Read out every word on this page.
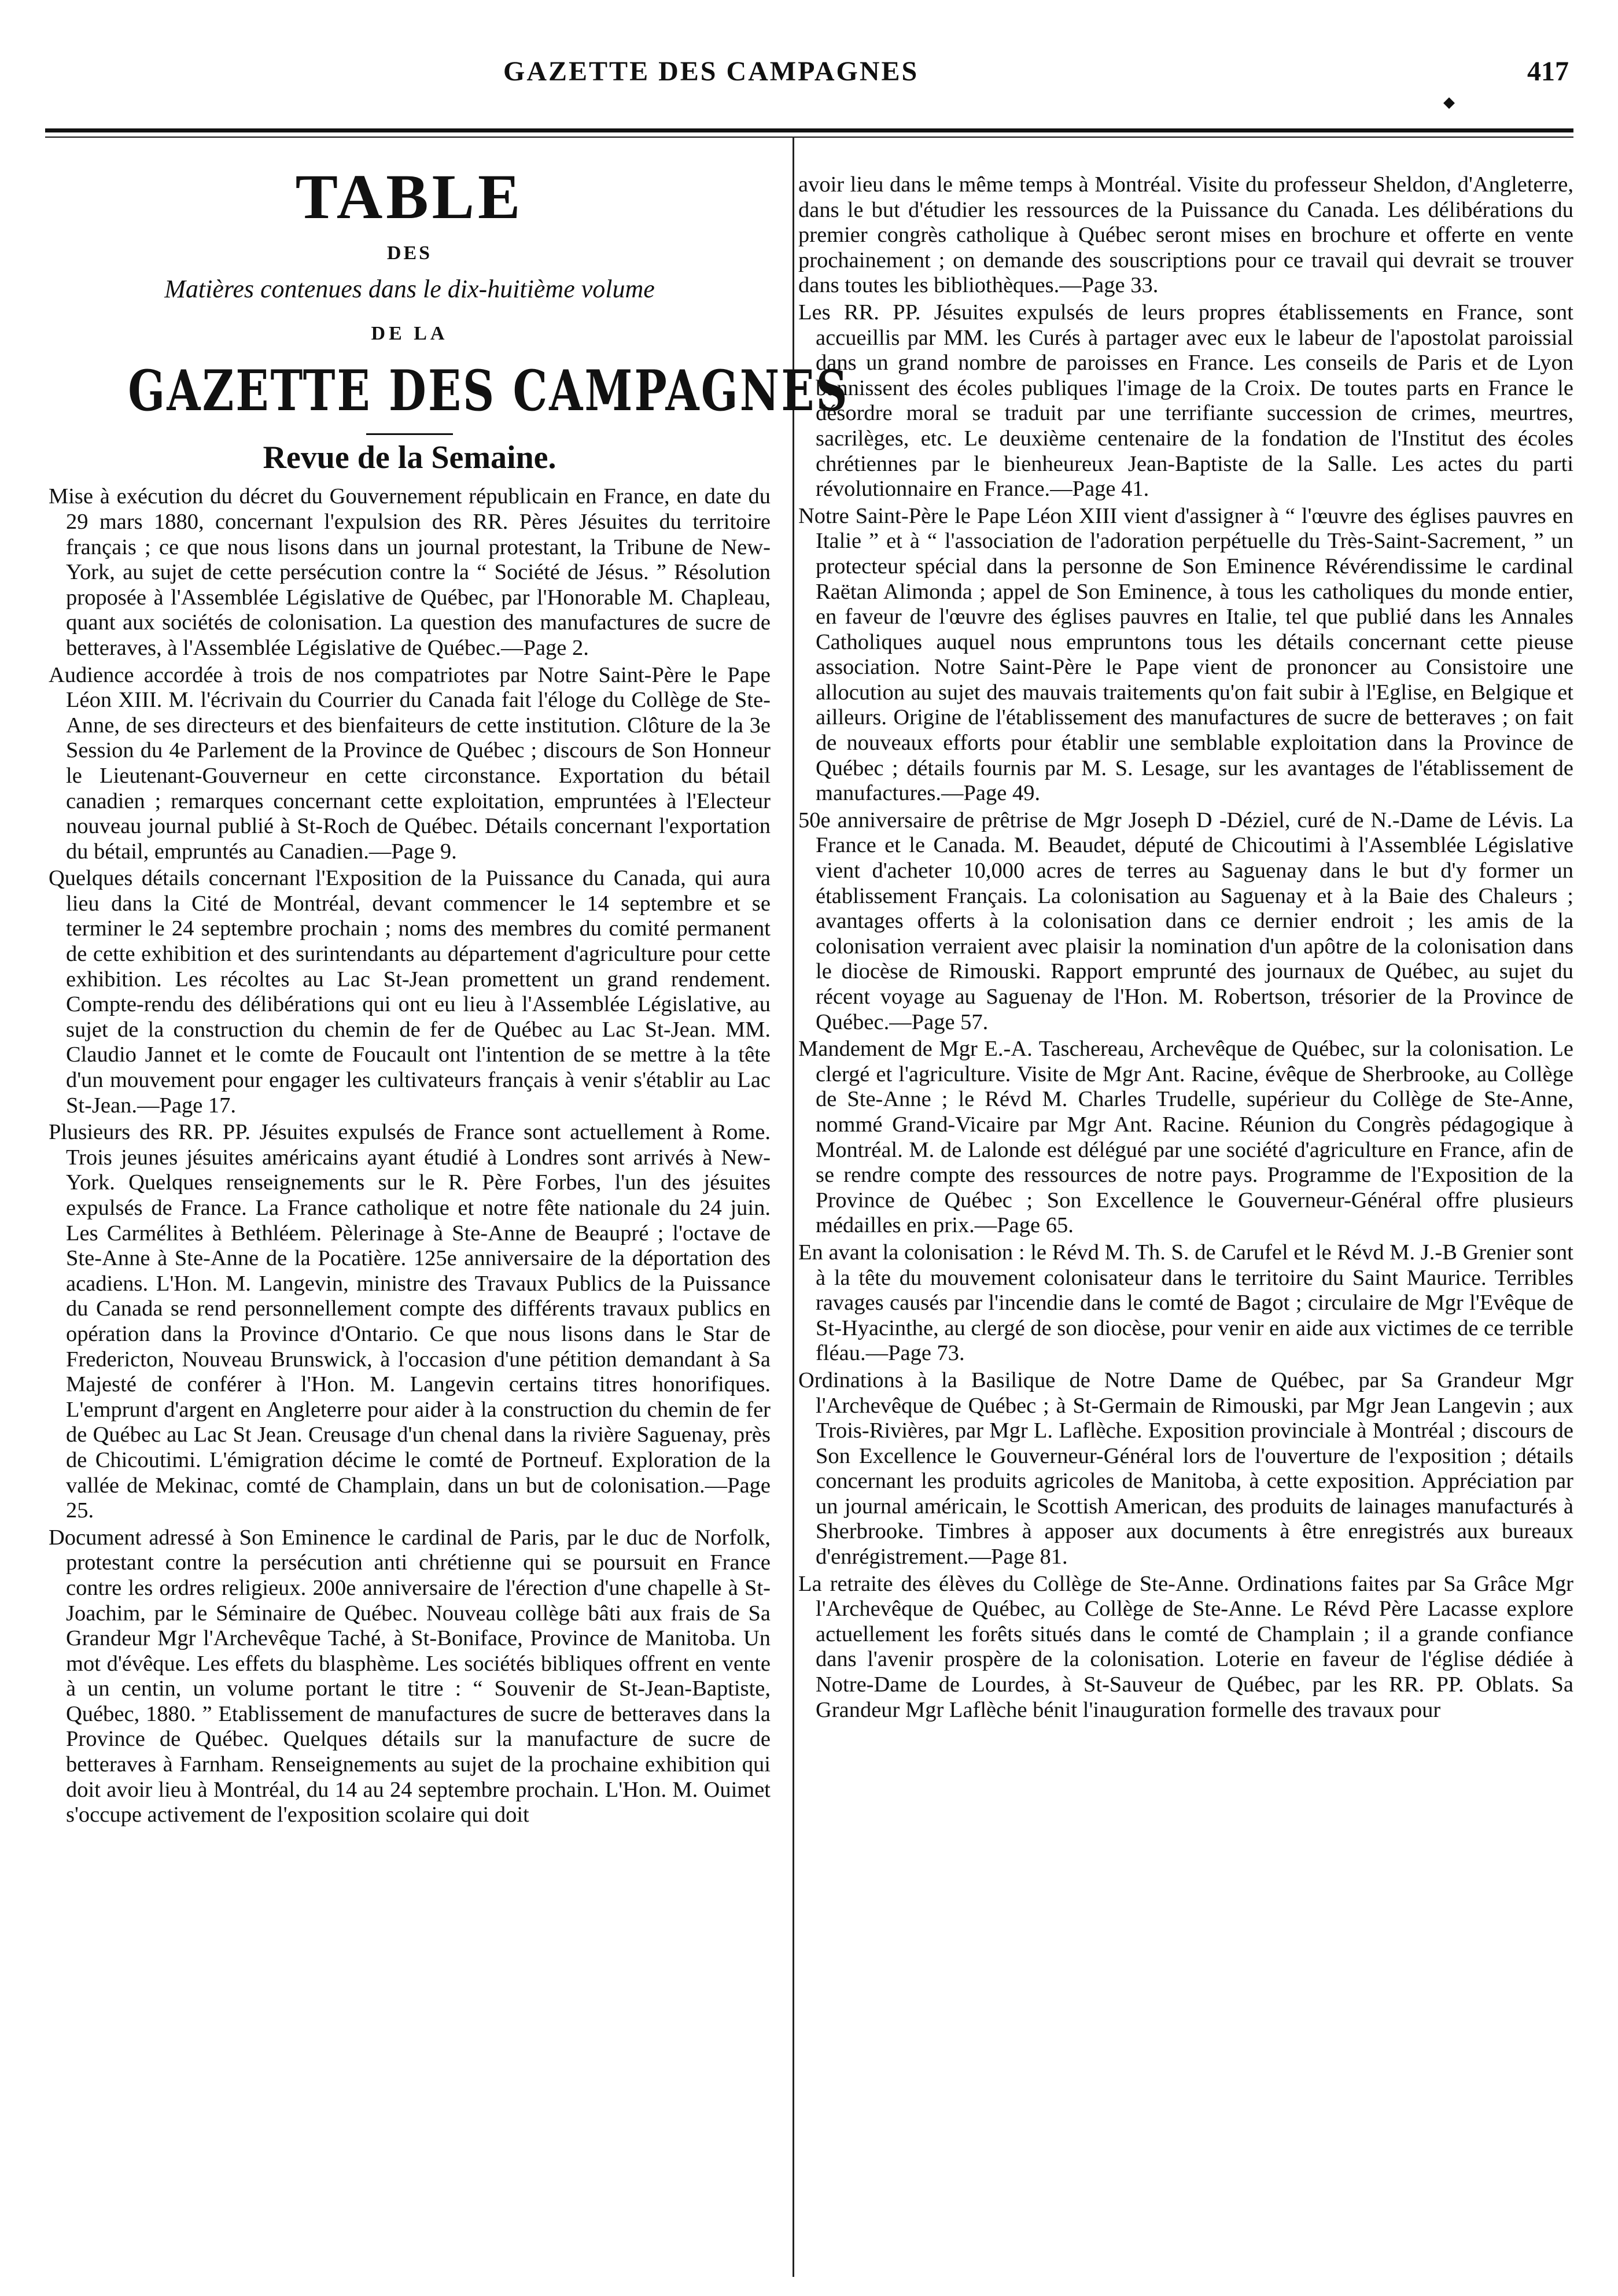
GAZETTE DES CAMPAGNES	417
◆
TABLE
DES
Matières contenues dans le dix-huitième volume
DE LA
GAZETTE DES CAMPAGNES
Revue de la Semaine.

Mise à exécution du décret du Gouvernement républicain en France, en date du 29 mars 1880, concernant l'expulsion des RR. Pères Jésuites du territoire français ; ce que nous lisons dans un journal protestant, la Tribune de New-York, au sujet de cette persécution contre la “ Société de Jésus. ” Résolution proposée à l'Assemblée Législative de Québec, par l'Honorable M. Chapleau, quant aux sociétés de colonisation. La question des manufactures de sucre de betteraves, à l'Assemblée Législative de Québec.—Page 2.

Audience accordée à trois de nos compatriotes par Notre Saint-Père le Pape Léon XIII. M. l'écrivain du Courrier du Canada fait l'éloge du Collège de Ste-Anne, de ses directeurs et des bienfaiteurs de cette institution. Clôture de la 3e Session du 4e Parlement de la Province de Québec ; discours de Son Honneur le Lieutenant-Gouverneur en cette circonstance. Exportation du bétail canadien ; remarques concernant cette exploitation, empruntées à l'Electeur nouveau journal publié à St-Roch de Québec. Détails concernant l'exportation du bétail, empruntés au Canadien.—Page 9.

Quelques détails concernant l'Exposition de la Puissance du Canada, qui aura lieu dans la Cité de Montréal, devant commencer le 14 septembre et se terminer le 24 septembre prochain ; noms des membres du comité permanent de cette exhibition et des surintendants au département d'agriculture pour cette exhibition. Les récoltes au Lac St-Jean promettent un grand rendement. Compte-rendu des délibérations qui ont eu lieu à l'Assemblée Législative, au sujet de la construction du chemin de fer de Québec au Lac St-Jean. MM. Claudio Jannet et le comte de Foucault ont l'intention de se mettre à la tête d'un mouvement pour engager les cultivateurs français à venir s'établir au Lac St-Jean.—Page 17.

Plusieurs des RR. PP. Jésuites expulsés de France sont actuellement à Rome. Trois jeunes jésuites américains ayant étudié à Londres sont arrivés à New-York. Quelques renseignements sur le R. Père Forbes, l'un des jésuites expulsés de France. La France catholique et notre fête nationale du 24 juin. Les Carmélites à Bethléem. Pèlerinage à Ste-Anne de Beaupré ; l'octave de Ste-Anne à Ste-Anne de la Pocatière. 125e anniversaire de la déportation des acadiens. L'Hon. M. Langevin, ministre des Travaux Publics de la Puissance du Canada se rend personnellement compte des différents travaux publics en opération dans la Province d'Ontario. Ce que nous lisons dans le Star de Fredericton, Nouveau Brunswick, à l'occasion d'une pétition demandant à Sa Majesté de conférer à l'Hon. M. Langevin certains titres honorifiques. L'emprunt d'argent en Angleterre pour aider à la construction du chemin de fer de Québec au Lac St Jean. Creusage d'un chenal dans la rivière Saguenay, près de Chicoutimi. L'émigration décime le comté de Portneuf. Exploration de la vallée de Mekinac, comté de Champlain, dans un but de colonisation.—Page 25.

Document adressé à Son Eminence le cardinal de Paris, par le duc de Norfolk, protestant contre la persécution anti chrétienne qui se poursuit en France contre les ordres religieux. 200e anniversaire de l'érection d'une chapelle à St-Joachim, par le Séminaire de Québec. Nouveau collège bâti aux frais de Sa Grandeur Mgr l'Archevêque Taché, à St-Boniface, Province de Manitoba. Un mot d'évêque. Les effets du blasphème. Les sociétés bibliques offrent en vente à un centin, un volume portant le titre : “ Souvenir de St-Jean-Baptiste, Québec, 1880. ” Etablissement de manufactures de sucre de betteraves dans la Province de Québec. Quelques détails sur la manufacture de sucre de betteraves à Farnham. Renseignements au sujet de la prochaine exhibition qui doit avoir lieu à Montréal, du 14 au 24 septembre prochain. L'Hon. M. Ouimet s'occupe activement de l'exposition scolaire qui doit

avoir lieu dans le même temps à Montréal. Visite du professeur Sheldon, d'Angleterre, dans le but d'étudier les ressources de la Puissance du Canada. Les délibérations du premier congrès catholique à Québec seront mises en brochure et offerte en vente prochainement ; on demande des souscriptions pour ce travail qui devrait se trouver dans toutes les bibliothèques.—Page 33.

Les RR. PP. Jésuites expulsés de leurs propres établissements en France, sont accueillis par MM. les Curés à partager avec eux le labeur de l'apostolat paroissial dans un grand nombre de paroisses en France. Les conseils de Paris et de Lyon bannissent des écoles publiques l'image de la Croix. De toutes parts en France le désordre moral se traduit par une terrifiante succession de crimes, meurtres, sacrilèges, etc. Le deuxième centenaire de la fondation de l'Institut des écoles chrétiennes par le bienheureux Jean-Baptiste de la Salle. Les actes du parti révolutionnaire en France.—Page 41.

Notre Saint-Père le Pape Léon XIII vient d'assigner à “ l'œuvre des églises pauvres en Italie ” et à “ l'association de l'adoration perpétuelle du Très-Saint-Sacrement, ” un protecteur spécial dans la personne de Son Eminence Révérendissime le cardinal Raëtan Alimonda ; appel de Son Eminence, à tous les catholiques du monde entier, en faveur de l'œuvre des églises pauvres en Italie, tel que publié dans les Annales Catholiques auquel nous empruntons tous les détails concernant cette pieuse association. Notre Saint-Père le Pape vient de prononcer au Consistoire une allocution au sujet des mauvais traitements qu'on fait subir à l'Eglise, en Belgique et ailleurs. Origine de l'établissement des manufactures de sucre de betteraves ; on fait de nouveaux efforts pour établir une semblable exploitation dans la Province de Québec ; détails fournis par M. S. Lesage, sur les avantages de l'établissement de manufactures.—Page 49.

50e anniversaire de prêtrise de Mgr Joseph D -Déziel, curé de N.-Dame de Lévis. La France et le Canada. M. Beaudet, député de Chicoutimi à l'Assemblée Législative vient d'acheter 10,000 acres de terres au Saguenay dans le but d'y former un établissement Français. La colonisation au Saguenay et à la Baie des Chaleurs ; avantages offerts à la colonisation dans ce dernier endroit ; les amis de la colonisation verraient avec plaisir la nomination d'un apôtre de la colonisation dans le diocèse de Rimouski. Rapport emprunté des journaux de Québec, au sujet du récent voyage au Saguenay de l'Hon. M. Robertson, trésorier de la Province de Québec.—Page 57.

Mandement de Mgr E.-A. Taschereau, Archevêque de Québec, sur la colonisation. Le clergé et l'agriculture. Visite de Mgr Ant. Racine, évêque de Sherbrooke, au Collège de Ste-Anne ; le Révd M. Charles Trudelle, supérieur du Collège de Ste-Anne, nommé Grand-Vicaire par Mgr Ant. Racine. Réunion du Congrès pédagogique à Montréal. M. de Lalonde est délégué par une société d'agriculture en France, afin de se rendre compte des ressources de notre pays. Programme de l'Exposition de la Province de Québec ; Son Excellence le Gouverneur-Général offre plusieurs médailles en prix.—Page 65.

En avant la colonisation : le Révd M. Th. S. de Carufel et le Révd M. J.-B Grenier sont à la tête du mouvement colonisateur dans le territoire du Saint Maurice. Terribles ravages causés par l'incendie dans le comté de Bagot ; circulaire de Mgr l'Evêque de St-Hyacinthe, au clergé de son diocèse, pour venir en aide aux victimes de ce terrible fléau.—Page 73.

Ordinations à la Basilique de Notre Dame de Québec, par Sa Grandeur Mgr l'Archevêque de Québec ; à St-Germain de Rimouski, par Mgr Jean Langevin ; aux Trois-Rivières, par Mgr L. Laflèche. Exposition provinciale à Montréal ; discours de Son Excellence le Gouverneur-Général lors de l'ouverture de l'exposition ; détails concernant les produits agricoles de Manitoba, à cette exposition. Appréciation par un journal américain, le Scottish American, des produits de lainages manufacturés à Sherbrooke. Timbres à apposer aux documents à être enregistrés aux bureaux d'enrégistrement.—Page 81.

La retraite des élèves du Collège de Ste-Anne. Ordinations faites par Sa Grâce Mgr l'Archevêque de Québec, au Collège de Ste-Anne. Le Révd Père Lacasse explore actuellement les forêts situés dans le comté de Champlain ; il a grande confiance dans l'avenir prospère de la colonisation. Loterie en faveur de l'église dédiée à Notre-Dame de Lourdes, à St-Sauveur de Québec, par les RR. PP. Oblats. Sa Grandeur Mgr Laflèche bénit l'inauguration formelle des travaux pour
